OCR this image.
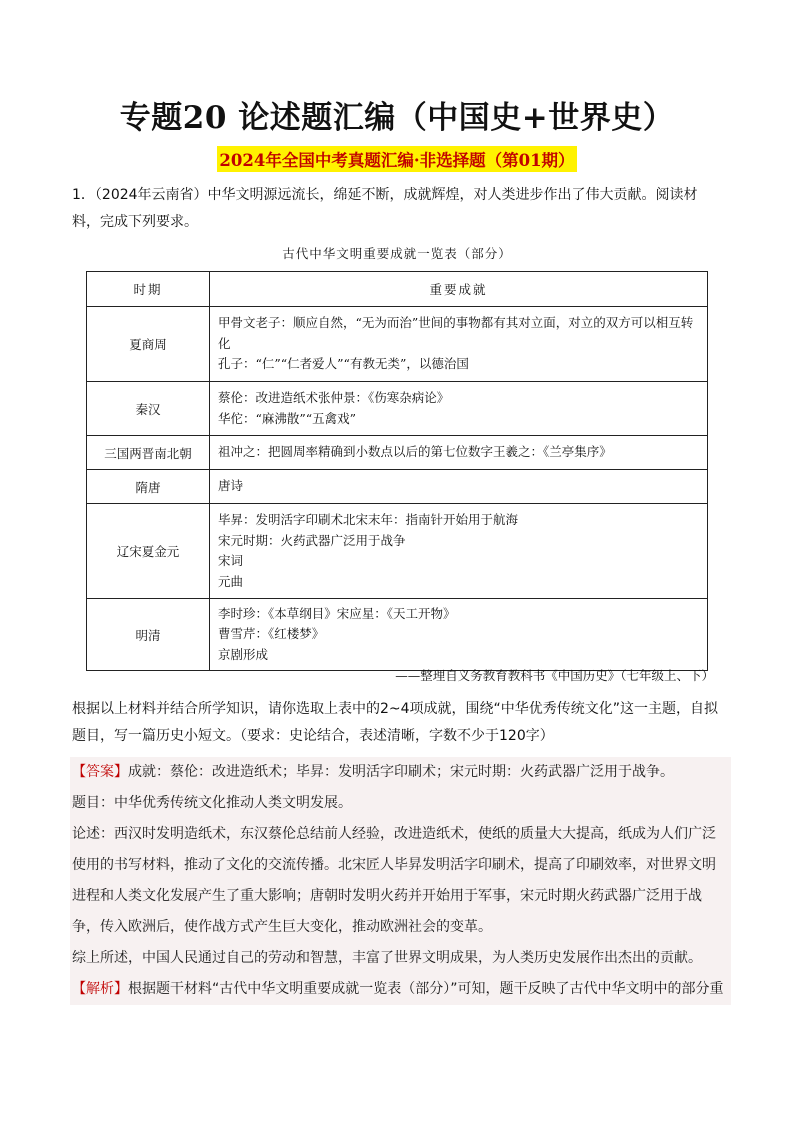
专题20 论述题汇编（中国史+世界史）
2024年全国中考真题汇编·非选择题（第01期）
1．（2024年云南省）中华文明源远流长，绵延不断，成就辉煌，对人类进步作出了伟大贡献。阅读材料，完成下列要求。
古代中华文明重要成就一览表（部分）
时期	重要成就
夏商周	甲骨文老子：顺应自然，“无为而治”世间的事物都有其对立面，对立的双方可以相互转化
孔子：“仁”“仁者爱人”“有教无类”，以德治国

秦汉	蔡伦：改进造纸术张仲景：《伤寒杂病论》
华佗：“麻沸散”“五禽戏”

三国两晋南北朝	祖冲之：把圆周率精确到小数点以后的第七位数字王羲之：《兰亭集序》

隋唐	唐诗

辽宋夏金元	毕昇：发明活字印刷术北宋末年：指南针开始用于航海
宋元时期：火药武器广泛用于战争
宋词
元曲

明清	李时珍：《本草纲目》宋应星：《天工开物》
曹雪芹：《红楼梦》
京剧形成
——整理自义务教育教科书《中国历史》（七年级上、下）
根据以上材料并结合所学知识，请你选取上表中的2~4项成就，围绕“中华优秀传统文化”这一主题，自拟题目，写一篇历史小短文。（要求：史论结合，表述清晰，字数不少于120字）

【答案】成就：蔡伦：改进造纸术；毕昇：发明活字印刷术；宋元时期：火药武器广泛用于战争。

题目：中华优秀传统文化推动人类文明发展。

论述：西汉时发明造纸术，东汉蔡伦总结前人经验，改进造纸术，使纸的质量大大提高，纸成为人们广泛使用的书写材料，推动了文化的交流传播。北宋匠人毕昇发明活字印刷术，提高了印刷效率，对世界文明进程和人类文化发展产生了重大影响；唐朝时发明火药并开始用于军事，宋元时期火药武器广泛用于战争，传入欧洲后，使作战方式产生巨大变化，推动欧洲社会的变革。

综上所述，中国人民通过自己的劳动和智慧，丰富了世界文明成果，为人类历史发展作出杰出的贡献。

【解析】根据题干材料“古代中华文明重要成就一览表（部分）”可知，题干反映了古代中华文明中的部分重
